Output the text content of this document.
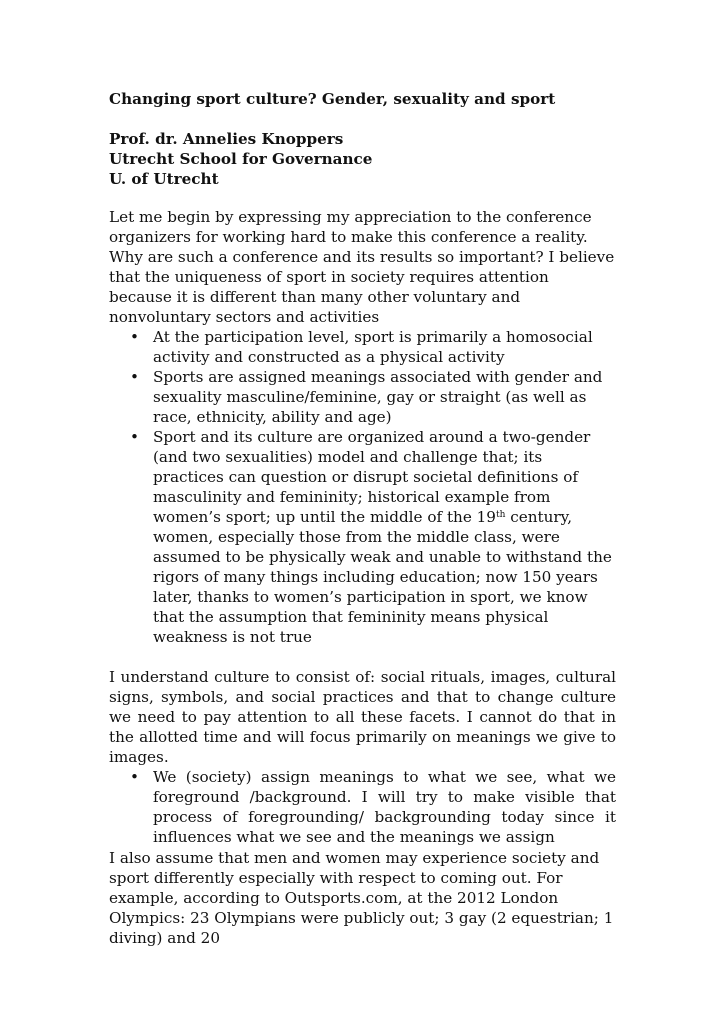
Changing sport culture? Gender, sexuality and sport
Prof. dr. Annelies Knoppers
Utrecht School for Governance
U. of Utrecht
Let me begin by expressing my appreciation to the conference organizers for working hard to make this conference a reality. Why are such a conference and its results so important? I believe that the uniqueness of sport in society requires attention because it is different than many other voluntary and nonvoluntary sectors and activities
• At the participation level, sport is primarily a homosocial activity and constructed as a physical activity
• Sports are assigned meanings associated with gender and sexuality masculine/feminine, gay or straight (as well as race, ethnicity, ability and age)
• Sport and its culture are organized around a two-gender (and two sexualities) model and challenge that; its practices can question or disrupt societal definitions of masculinity and femininity; historical example from women’s sport; up until the middle of the 19th century, women, especially those from the middle class, were assumed to be physically weak and unable to withstand the rigors of many things including education; now 150 years later, thanks to women’s participation in sport, we know that the assumption that femininity means physical weakness is not true
I understand culture to consist of: social rituals, images, cultural signs, symbols, and social practices and that to change culture we need to pay attention to all these facets. I cannot do that in the allotted time and will focus primarily on meanings we give to images.
• We (society) assign meanings to what we see, what we foreground /background. I will try to make visible that process of foregrounding/ backgrounding today since it influences what we see and the meanings we assign
I also assume that men and women may experience society and sport differently especially with respect to coming out. For example, according to Outsports.com, at the 2012 London Olympics: 23 Olympians were publicly out; 3 gay (2 equestrian; 1 diving) and 20
